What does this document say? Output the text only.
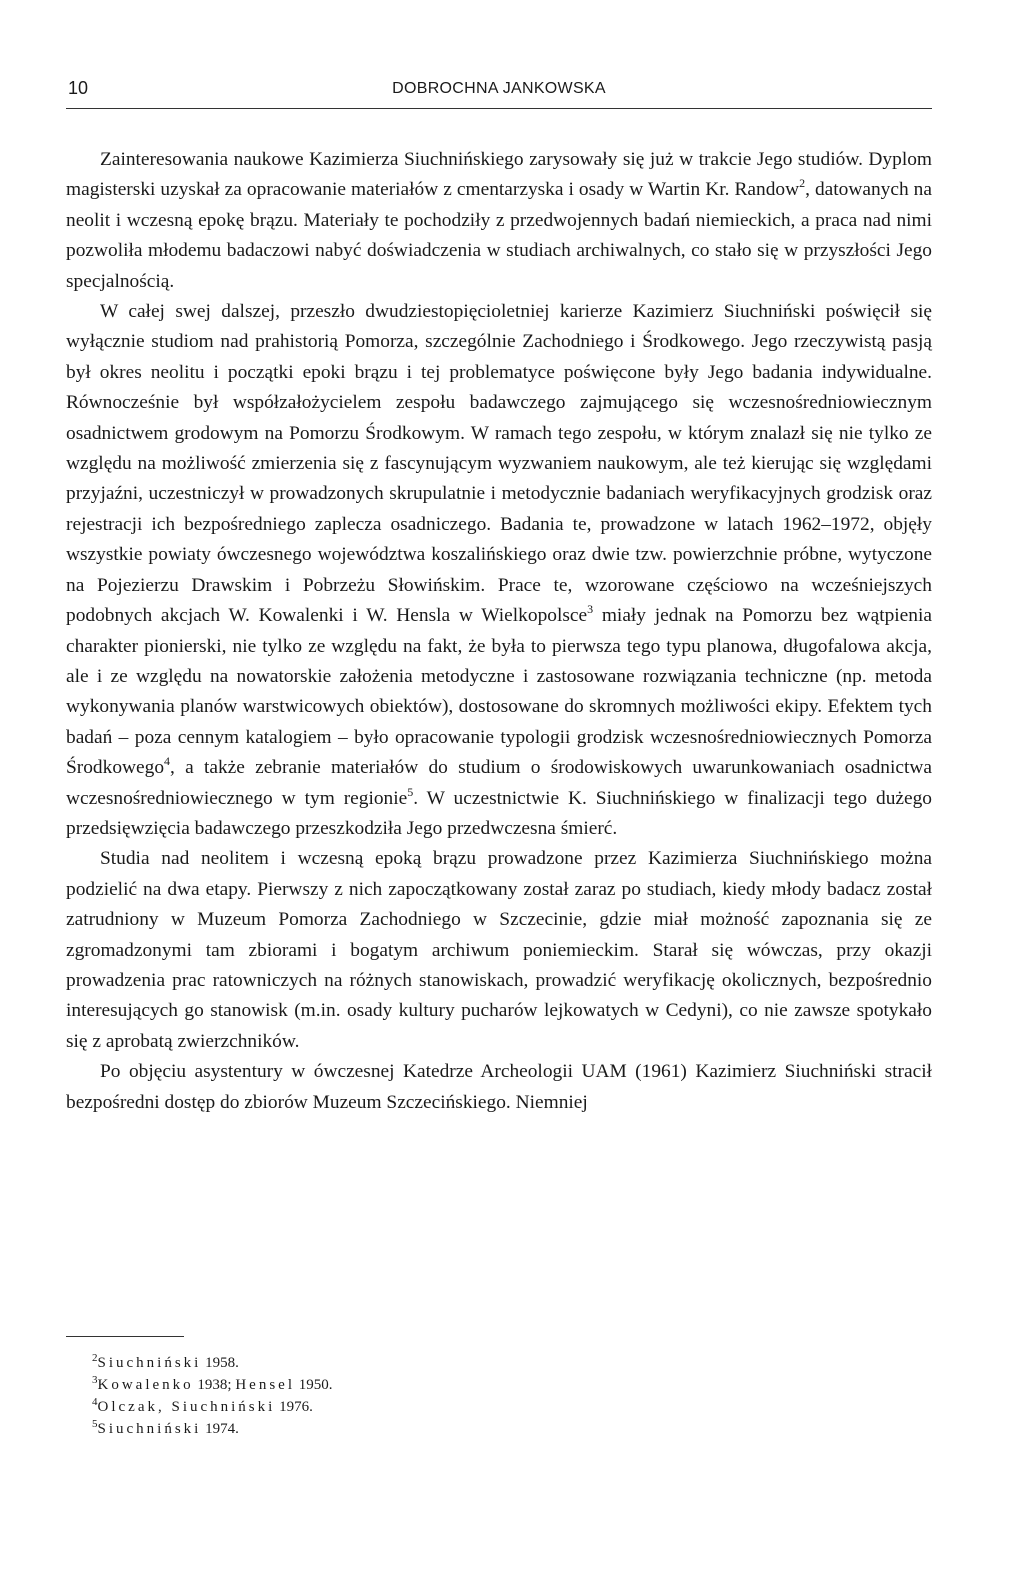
10	DOBROCHNA JANKOWSKA

Zainteresowania naukowe Kazimierza Siuchnińskiego zarysowały się już w trakcie Jego studiów. Dyplom magisterski uzyskał za opracowanie materiałów z cmentarzyska i osady w Wartin Kr. Randow$^2$, datowanych na neolit i wczesną epokę brązu. Materiały te pochodziły z przedwojennych badań niemieckich, a praca nad nimi pozwoliła młodemu badaczowi nabyć doświadczenia w studiach archiwalnych, co stało się w przyszłości Jego specjalnością.

W całej swej dalszej, przeszło dwudziestopięcioletniej karierze Kazimierz Siuchniński poświęcił się wyłącznie studiom nad prahistorią Pomorza, szczególnie Zachodniego i Środkowego. Jego rzeczywistą pasją był okres neolitu i początki epoki brązu i tej problematyce poświęcone były Jego badania indywidualne. Równocześnie był współzałożycielem zespołu badawczego zajmującego się wczesnośredniowiecznym osadnictwem grodowym na Pomorzu Środkowym. W ramach tego zespołu, w którym znalazł się nie tylko ze względu na możliwość zmierzenia się z fascynującym wyzwaniem naukowym, ale też kierując się względami przyjaźni, uczestniczył w prowadzonych skrupulatnie i metodycznie badaniach weryfikacyjnych grodzisk oraz rejestracji ich bezpośredniego zaplecza osadniczego. Badania te, prowadzone w latach 1962–1972, objęły wszystkie powiaty ówczesnego województwa koszalińskiego oraz dwie tzw. powierzchnie próbne, wytyczone na Pojezierzu Drawskim i Pobrzeżu Słowińskim. Prace te, wzorowane częściowo na wcześniejszych podobnych akcjach W. Kowalenki i W. Hensla w Wielkopolsce$^3$ miały jednak na Pomorzu bez wątpienia charakter pionierski, nie tylko ze względu na fakt, że była to pierwsza tego typu planowa, długofalowa akcja, ale i ze względu na nowatorskie założenia metodyczne i zastosowane rozwiązania techniczne (np. metoda wykonywania planów warstwicowych obiektów), dostosowane do skromnych możliwości ekipy. Efektem tych badań – poza cennym katalogiem – było opracowanie typologii grodzisk wczesnośredniowiecznych Pomorza Środkowego$^4$, a także zebranie materiałów do studium o środowiskowych uwarunkowaniach osadnictwa wczesnośredniowiecznego w tym regionie$^5$. W uczestnictwie K. Siuchnińskiego w finalizacji tego dużego przedsięwzięcia badawczego przeszkodziła Jego przedwczesna śmierć.

Studia nad neolitem i wczesną epoką brązu prowadzone przez Kazimierza Siuchnińskiego można podzielić na dwa etapy. Pierwszy z nich zapoczątkowany został zaraz po studiach, kiedy młody badacz został zatrudniony w Muzeum Pomorza Zachodniego w Szczecinie, gdzie miał możność zapoznania się ze zgromadzonymi tam zbiorami i bogatym archiwum poniemieckim. Starał się wówczas, przy okazji prowadzenia prac ratowniczych na różnych stanowiskach, prowadzić weryfikację okolicznych, bezpośrednio interesujących go stanowisk (m.in. osady kultury pucharów lejkowatych w Cedyni), co nie zawsze spotykało się z aprobatą zwierzchników.

Po objęciu asystentury w ówczesnej Katedrze Archeologii UAM (1961) Kazimierz Siuchniński stracił bezpośredni dostęp do zbiorów Muzeum Szczecińskiego. Niemniej

$^2$Siuchniński 1958.
$^3$Kowalenko 1938; Hensel 1950.
$^4$Olczak, Siuchniński 1976.
$^5$Siuchniński 1974.
